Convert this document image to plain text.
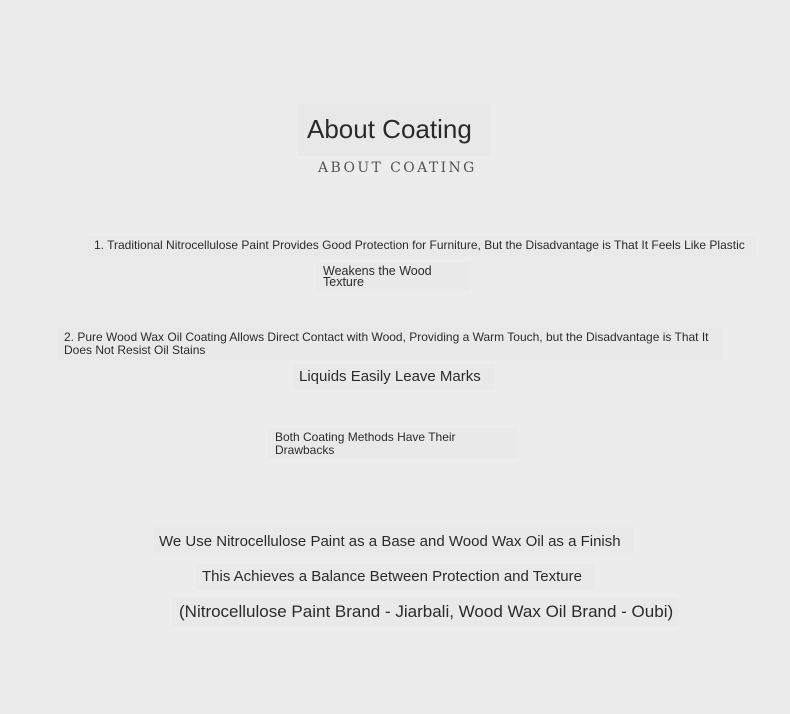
About Coating
ABOUT COATING
1. Traditional Nitrocellulose Paint Provides Good Protection for Furniture, But the Disadvantage is That It Feels Like Plastic
Weakens the Wood Texture
2. Pure Wood Wax Oil Coating Allows Direct Contact with Wood, Providing a Warm Touch, but the Disadvantage is That It Does Not Resist Oil Stains
Liquids Easily Leave Marks
Both Coating Methods Have Their Drawbacks
We Use Nitrocellulose Paint as a Base and Wood Wax Oil as a Finish
This Achieves a Balance Between Protection and Texture
(Nitrocellulose Paint Brand - Jiarbali, Wood Wax Oil Brand - Oubi)
